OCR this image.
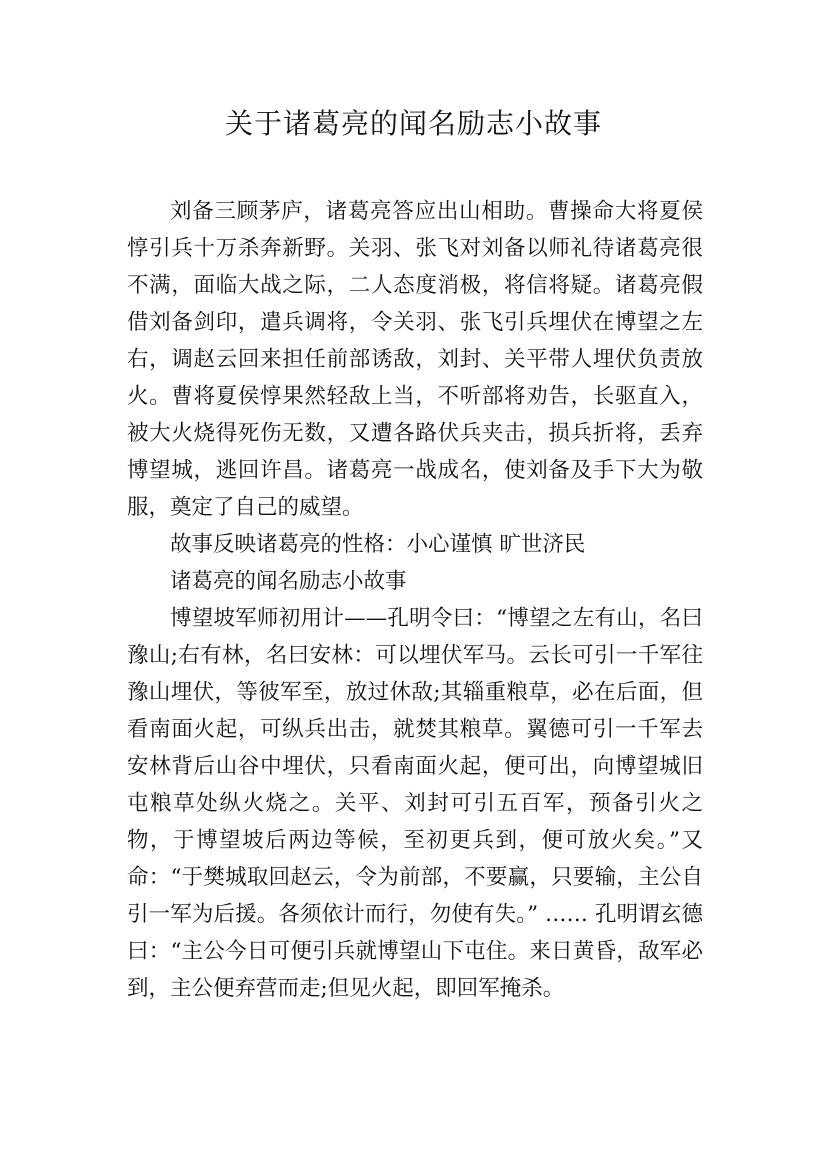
关于诸葛亮的闻名励志小故事

刘备三顾茅庐，诸葛亮答应出山相助。曹操命大将夏侯惇引兵十万杀奔新野。关羽、张飞对刘备以师礼待诸葛亮很不满，面临大战之际，二人态度消极，将信将疑。诸葛亮假借刘备剑印，遣兵调将，令关羽、张飞引兵埋伏在博望之左右，调赵云回来担任前部诱敌，刘封、关平带人埋伏负责放火。曹将夏侯惇果然轻敌上当，不听部将劝告，长驱直入，被大火烧得死伤无数，又遭各路伏兵夹击，损兵折将，丢弃博望城，逃回许昌。诸葛亮一战成名，使刘备及手下大为敬服，奠定了自己的威望。

故事反映诸葛亮的性格：小心谨慎 旷世济民

诸葛亮的闻名励志小故事

博望坡军师初用计——孔明令曰：“博望之左有山，名曰豫山;右有林，名曰安林：可以埋伏军马。云长可引一千军往豫山埋伏，等彼军至，放过休敌;其辎重粮草，必在后面，但看南面火起，可纵兵出击，就焚其粮草。翼德可引一千军去安林背后山谷中埋伏，只看南面火起，便可出，向博望城旧屯粮草处纵火烧之。关平、刘封可引五百军，预备引火之物，于博望坡后两边等候，至初更兵到，便可放火矣。”又命：“于樊城取回赵云，令为前部，不要赢，只要输，主公自引一军为后援。各须依计而行，勿使有失。” …… 孔明谓玄德曰：“主公今日可便引兵就博望山下屯住。来日黄昏，敌军必到，主公便弃营而走;但见火起，即回军掩杀。
